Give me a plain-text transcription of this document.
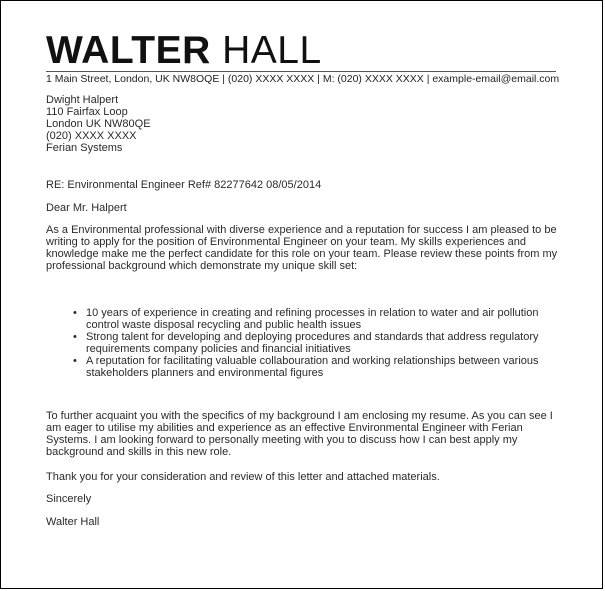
WALTER HALL
1 Main Street, London, UK NW8OQE | (020) XXXX XXXX | M: (020) XXXX XXXX | example-email@email.com
Dwight Halpert
110 Fairfax Loop
London UK NW80QE
(020) XXXX XXXX
Ferian Systems
RE: Environmental Engineer Ref# 82277642 08/05/2014
Dear Mr. Halpert
As a Environmental professional with diverse experience and a reputation for success I am pleased to be writing to apply for the position of Environmental Engineer on your team. My skills experiences and knowledge make me the perfect candidate for this role on your team. Please review these points from my professional background which demonstrate my unique skill set:
• 10 years of experience in creating and refining processes in relation to water and air pollution control waste disposal recycling and public health issues
• Strong talent for developing and deploying procedures and standards that address regulatory requirements company policies and financial initiatives
• A reputation for facilitating valuable collabouration and working relationships between various stakeholders planners and environmental figures
To further acquaint you with the specifics of my background I am enclosing my resume. As you can see I am eager to utilise my abilities and experience as an effective Environmental Engineer with Ferian Systems. I am looking forward to personally meeting with you to discuss how I can best apply my background and skills in this new role.
Thank you for your consideration and review of this letter and attached materials.
Sincerely
Walter Hall
